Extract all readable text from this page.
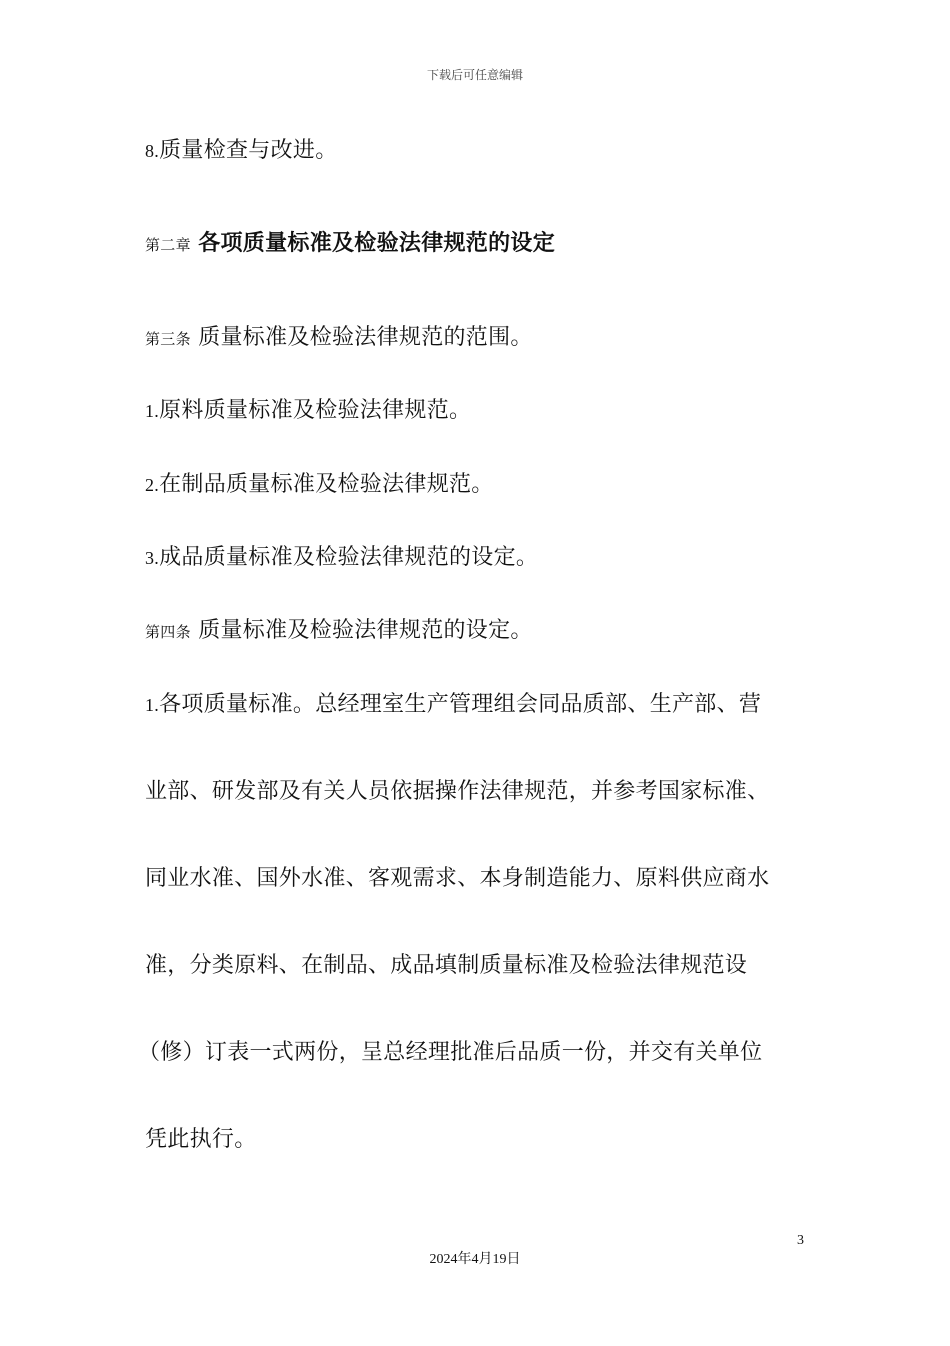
下载后可任意编辑
8.质量检查与改进。
第二章 各项质量标准及检验法律规范的设定
第三条 质量标准及检验法律规范的范围。
1.原料质量标准及检验法律规范。
2.在制品质量标准及检验法律规范。
3.成品质量标准及检验法律规范的设定。
第四条 质量标准及检验法律规范的设定。
1.各项质量标准。总经理室生产管理组会同品质部、生产部、营
业部、研发部及有关人员依据操作法律规范，并参考国家标准、
同业水准、国外水准、客观需求、本身制造能力、原料供应商水
准，分类原料、在制品、成品填制质量标准及检验法律规范设
（修）订表一式两份，呈总经理批准后品质一份，并交有关单位
凭此执行。
3
2024年4月19日
